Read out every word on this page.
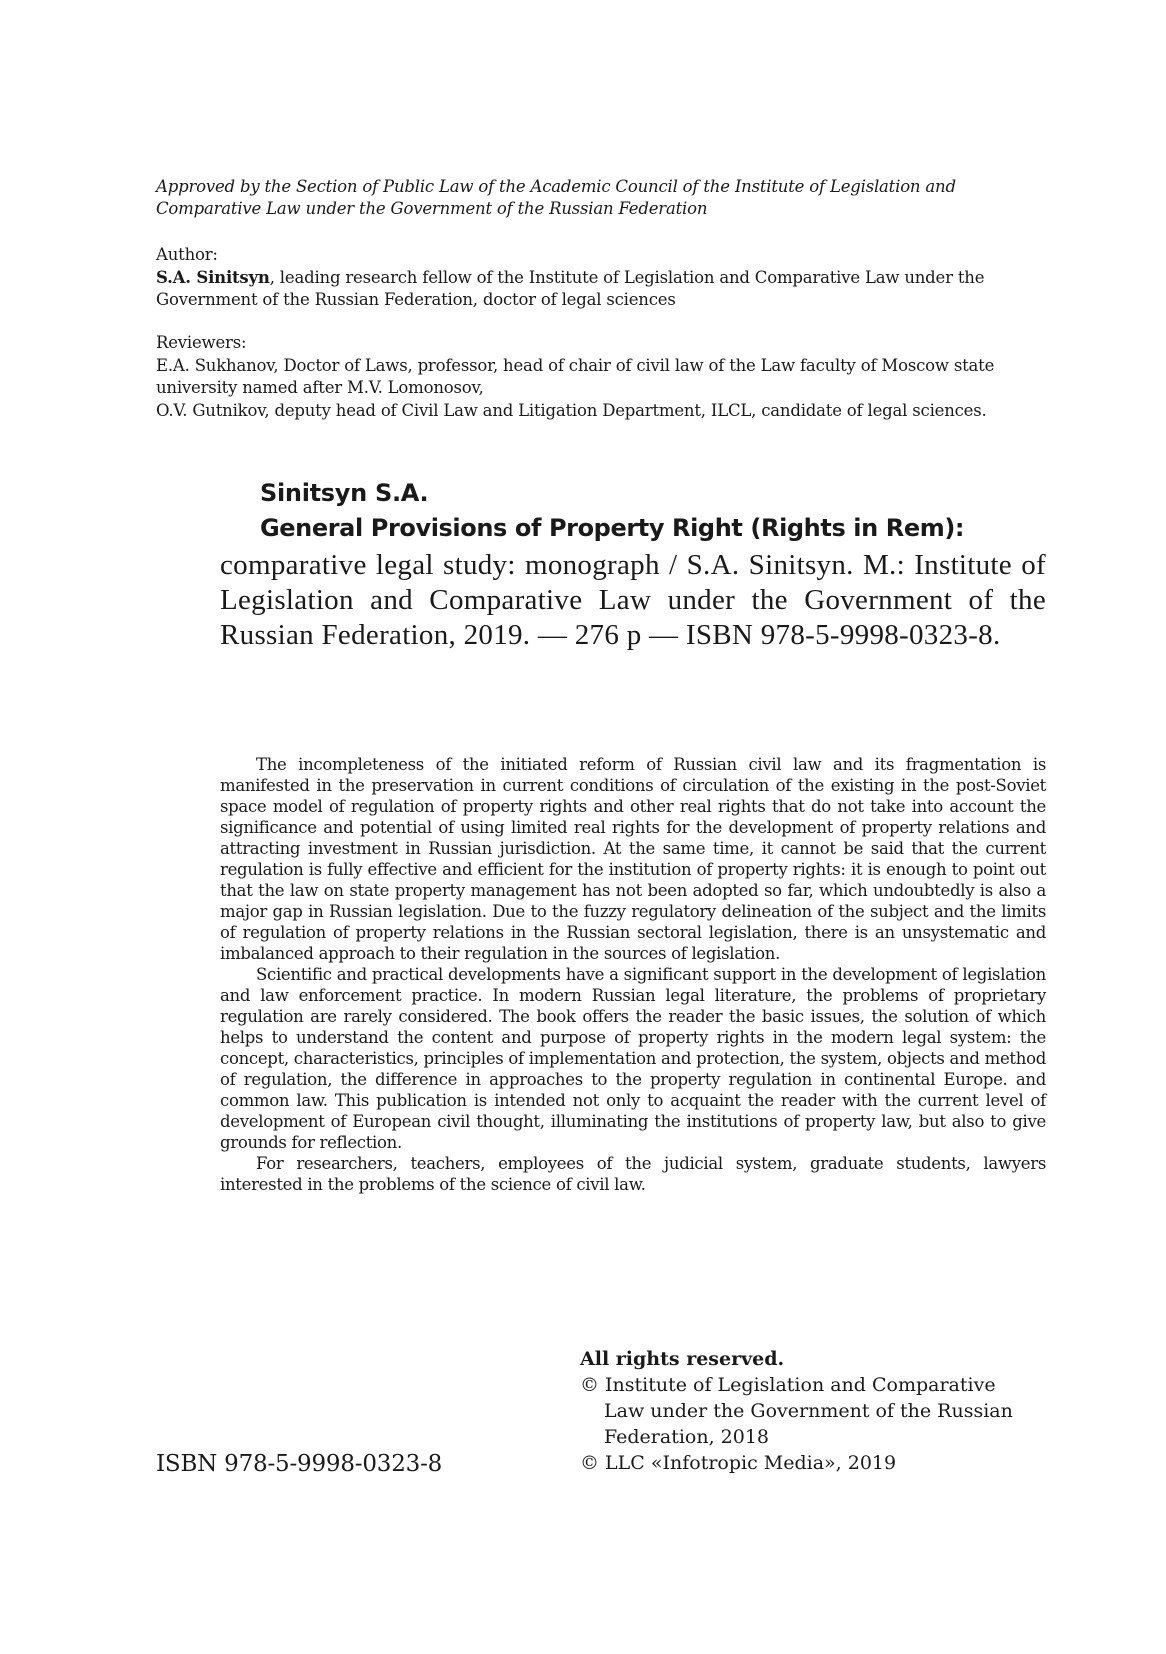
Approved by the Section of Public Law of the Academic Council of the Institute of Legislation and Comparative Law under the Government of the Russian Federation

Author:

S.A. Sinitsyn, leading research fellow of the Institute of Legislation and Comparative Law under the Government of the Russian Federation, doctor of legal sciences

Reviewers:

E.A. Sukhanov, Doctor of Laws, professor, head of chair of civil law of the Law faculty of Moscow state university named after M.V. Lomonosov,

O.V. Gutnikov, deputy head of Civil Law and Litigation Department, ILCL, candidate of legal sciences.

Sinitsyn S.A.
General Provisions of Property Right (Rights in Rem):
comparative legal study: monograph / S.A. Sinitsyn. M.: Institute of Legislation and Comparative Law under the Government of the Russian Federation, 2019. — 276 p — ISBN 978-5-9998-0323-8.

The incompleteness of the initiated reform of Russian civil law and its fragmentation is manifested in the preservation in current conditions of circulation of the existing in the post-Soviet space model of regulation of property rights and other real rights that do not take into account the significance and potential of using limited real rights for the development of property relations and attracting investment in Russian jurisdiction. At the same time, it cannot be said that the current regulation is fully effective and efficient for the institution of property rights: it is enough to point out that the law on state property management has not been adopted so far, which undoubtedly is also a major gap in Russian legislation. Due to the fuzzy regulatory delineation of the subject and the limits of regulation of property relations in the Russian sectoral legislation, there is an unsystematic and imbalanced approach to their regulation in the sources of legislation.

Scientific and practical developments have a significant support in the development of legislation and law enforcement practice. In modern Russian legal literature, the problems of proprietary regulation are rarely considered. The book offers the reader the basic issues, the solution of which helps to understand the content and purpose of property rights in the modern legal system: the concept, characteristics, principles of implementation and protection, the system, objects and method of regulation, the difference in approaches to the property regulation in continental Europe. and common law. This publication is intended not only to acquaint the reader with the current level of development of European civil thought, illuminating the institutions of property law, but also to give grounds for reflection.

For researchers, teachers, employees of the judicial system, graduate students, lawyers interested in the problems of the science of civil law.

All rights reserved.

© Institute of Legislation and Comparative Law under the Government of the Russian Federation, 2018

© LLC «Infotropic Media», 2019

ISBN 978-5-9998-0323-8
